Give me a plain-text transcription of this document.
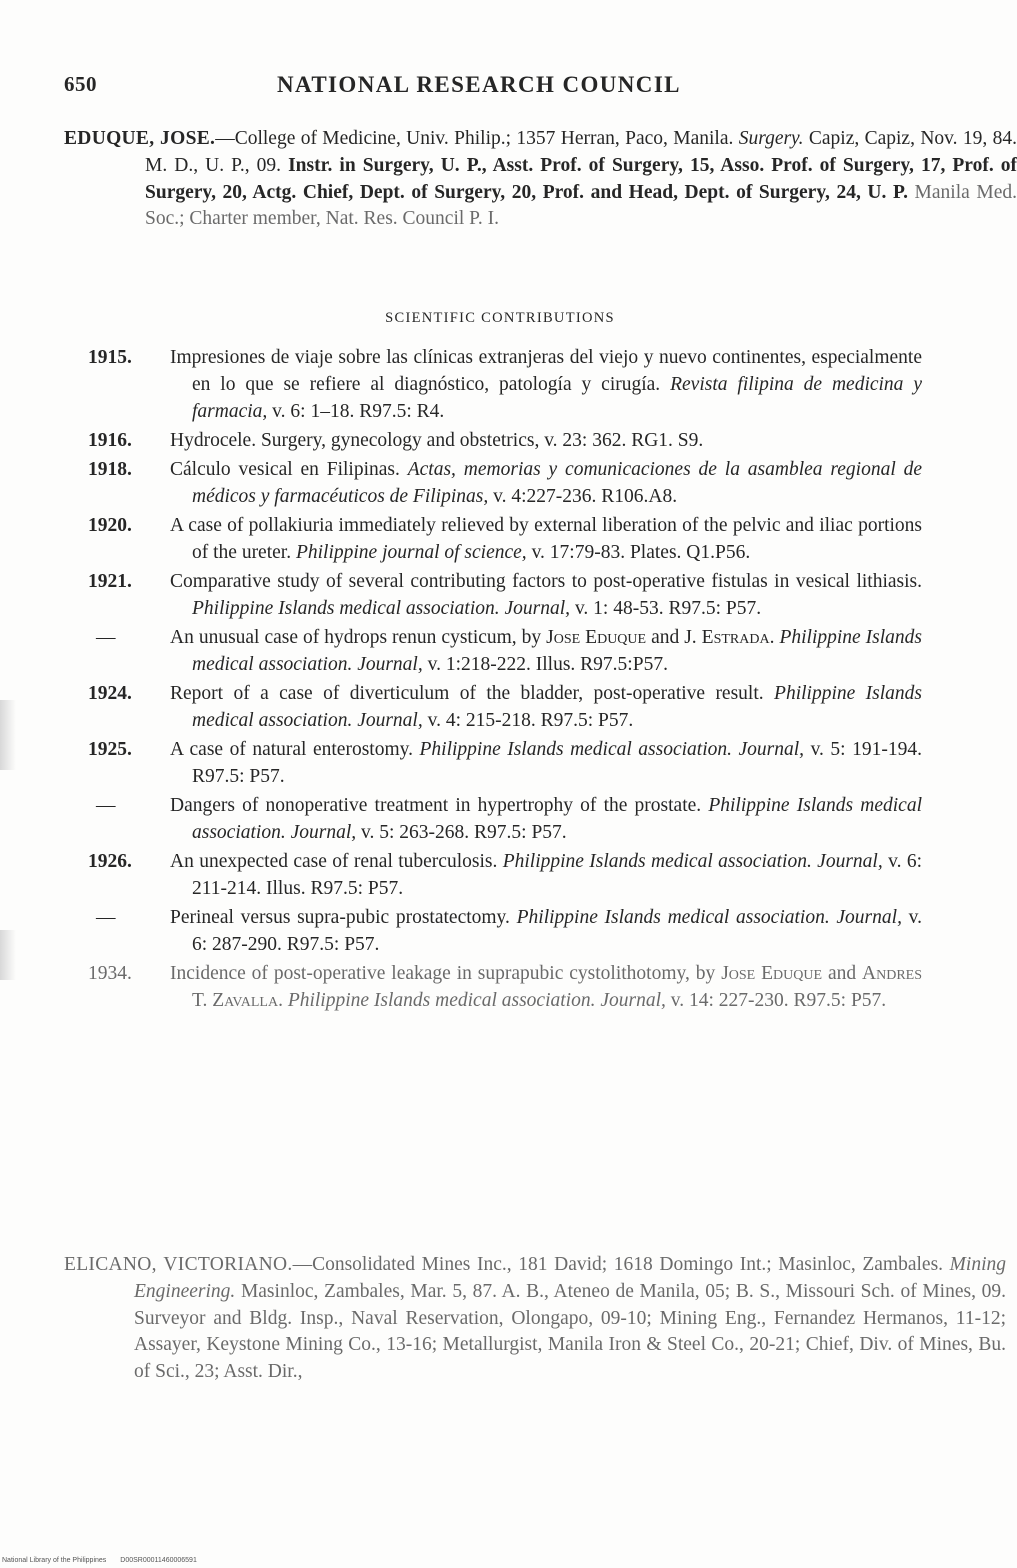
650	NATIONAL RESEARCH COUNCIL
EDUQUE, JOSE.—College of Medicine, Univ. Philip.; 1357 Herran, Paco, Manila. Surgery. Capiz, Capiz, Nov. 19, 84. M. D., U. P., 09. Instr. in Surgery, U. P., Asst. Prof. of Surgery, 15, Asso. Prof. of Surgery, 17, Prof. of Surgery, 20, Actg. Chief, Dept. of Surgery, 20, Prof. and Head, Dept. of Surgery, 24, U. P. Manila Med. Soc.; Charter member, Nat. Res. Council P. I.
SCIENTIFIC CONTRIBUTIONS
1915.	Impresiones de viaje sobre las clínicas extranjeras del viejo y nuevo continentes, especialmente en lo que se refiere al diagnóstico, patología y cirugía. Revista filipina de medicina y farmacia, v. 6: 1–18. R97.5: R4.
1916.	Hydrocele. Surgery, gynecology and obstetrics, v. 23: 362. RG1. S9.
1918.	Cálculo vesical en Filipinas. Actas, memorias y comunicaciones de la asamblea regional de médicos y farmacéuticos de Filipinas, v. 4:227-236. R106.A8.
1920.	A case of pollakiuria immediately relieved by external liberation of the pelvic and iliac portions of the ureter. Philippine journal of science, v. 17:79-83. Plates. Q1.P56.
1921.	Comparative study of several contributing factors to post-operative fistulas in vesical lithiasis. Philippine Islands medical association. Journal, v. 1: 48-53. R97.5: P57.
—	An unusual case of hydrops renun cysticum, by Jose Eduque and J. Estrada. Philippine Islands medical association. Journal, v. 1:218-222. Illus. R97.5:P57.
1924.	Report of a case of diverticulum of the bladder, post-operative result. Philippine Islands medical association. Journal, v. 4: 215-218. R97.5: P57.
1925.	A case of natural enterostomy. Philippine Islands medical association. Journal, v. 5: 191-194. R97.5: P57.
—	Dangers of nonoperative treatment in hypertrophy of the prostate. Philippine Islands medical association. Journal, v. 5: 263-268. R97.5: P57.
1926.	An unexpected case of renal tuberculosis. Philippine Islands medical association. Journal, v. 6: 211-214. Illus. R97.5: P57.
—	Perineal versus supra-pubic prostatectomy. Philippine Islands medical association. Journal, v. 6: 287-290. R97.5: P57.
1934.	Incidence of post-operative leakage in suprapubic cystolithotomy, by Jose Eduque and Andres T. Zavalla. Philippine Islands medical association. Journal, v. 14: 227-230. R97.5: P57.
ELICANO, VICTORIANO.—Consolidated Mines Inc., 181 David; 1618 Domingo Int.; Masinloc, Zambales. Mining Engineering. Masinloc, Zambales, Mar. 5, 87. A. B., Ateneo de Manila, 05; B. S., Missouri Sch. of Mines, 09. Surveyor and Bldg. Insp., Naval Reservation, Olongapo, 09-10; Mining Eng., Fernandez Hermanos, 11-12; Assayer, Keystone Mining Co., 13-16; Metallurgist, Manila Iron & Steel Co., 20-21; Chief, Div. of Mines, Bu. of Sci., 23; Asst. Dir.,
National Library of the Philippines D00SR00011460006591
